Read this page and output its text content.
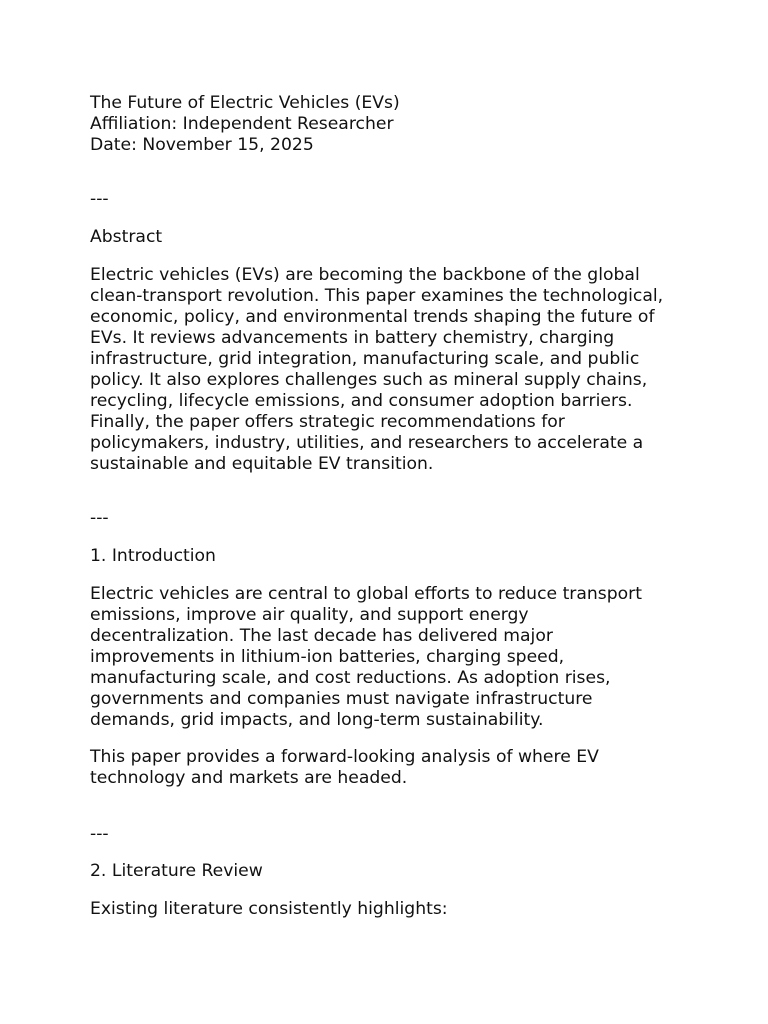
The Future of Electric Vehicles (EVs)
Affiliation: Independent Researcher
Date: November 15, 2025
---
Abstract
Electric vehicles (EVs) are becoming the backbone of the global
clean-transport revolution. This paper examines the technological,
economic, policy, and environmental trends shaping the future of
EVs. It reviews advancements in battery chemistry, charging
infrastructure, grid integration, manufacturing scale, and public
policy. It also explores challenges such as mineral supply chains,
recycling, lifecycle emissions, and consumer adoption barriers.
Finally, the paper offers strategic recommendations for
policymakers, industry, utilities, and researchers to accelerate a
sustainable and equitable EV transition.
---
1. Introduction
Electric vehicles are central to global efforts to reduce transport
emissions, improve air quality, and support energy
decentralization. The last decade has delivered major
improvements in lithium-ion batteries, charging speed,
manufacturing scale, and cost reductions. As adoption rises,
governments and companies must navigate infrastructure
demands, grid impacts, and long-term sustainability.
This paper provides a forward-looking analysis of where EV
technology and markets are headed.
---
2. Literature Review
Existing literature consistently highlights:
